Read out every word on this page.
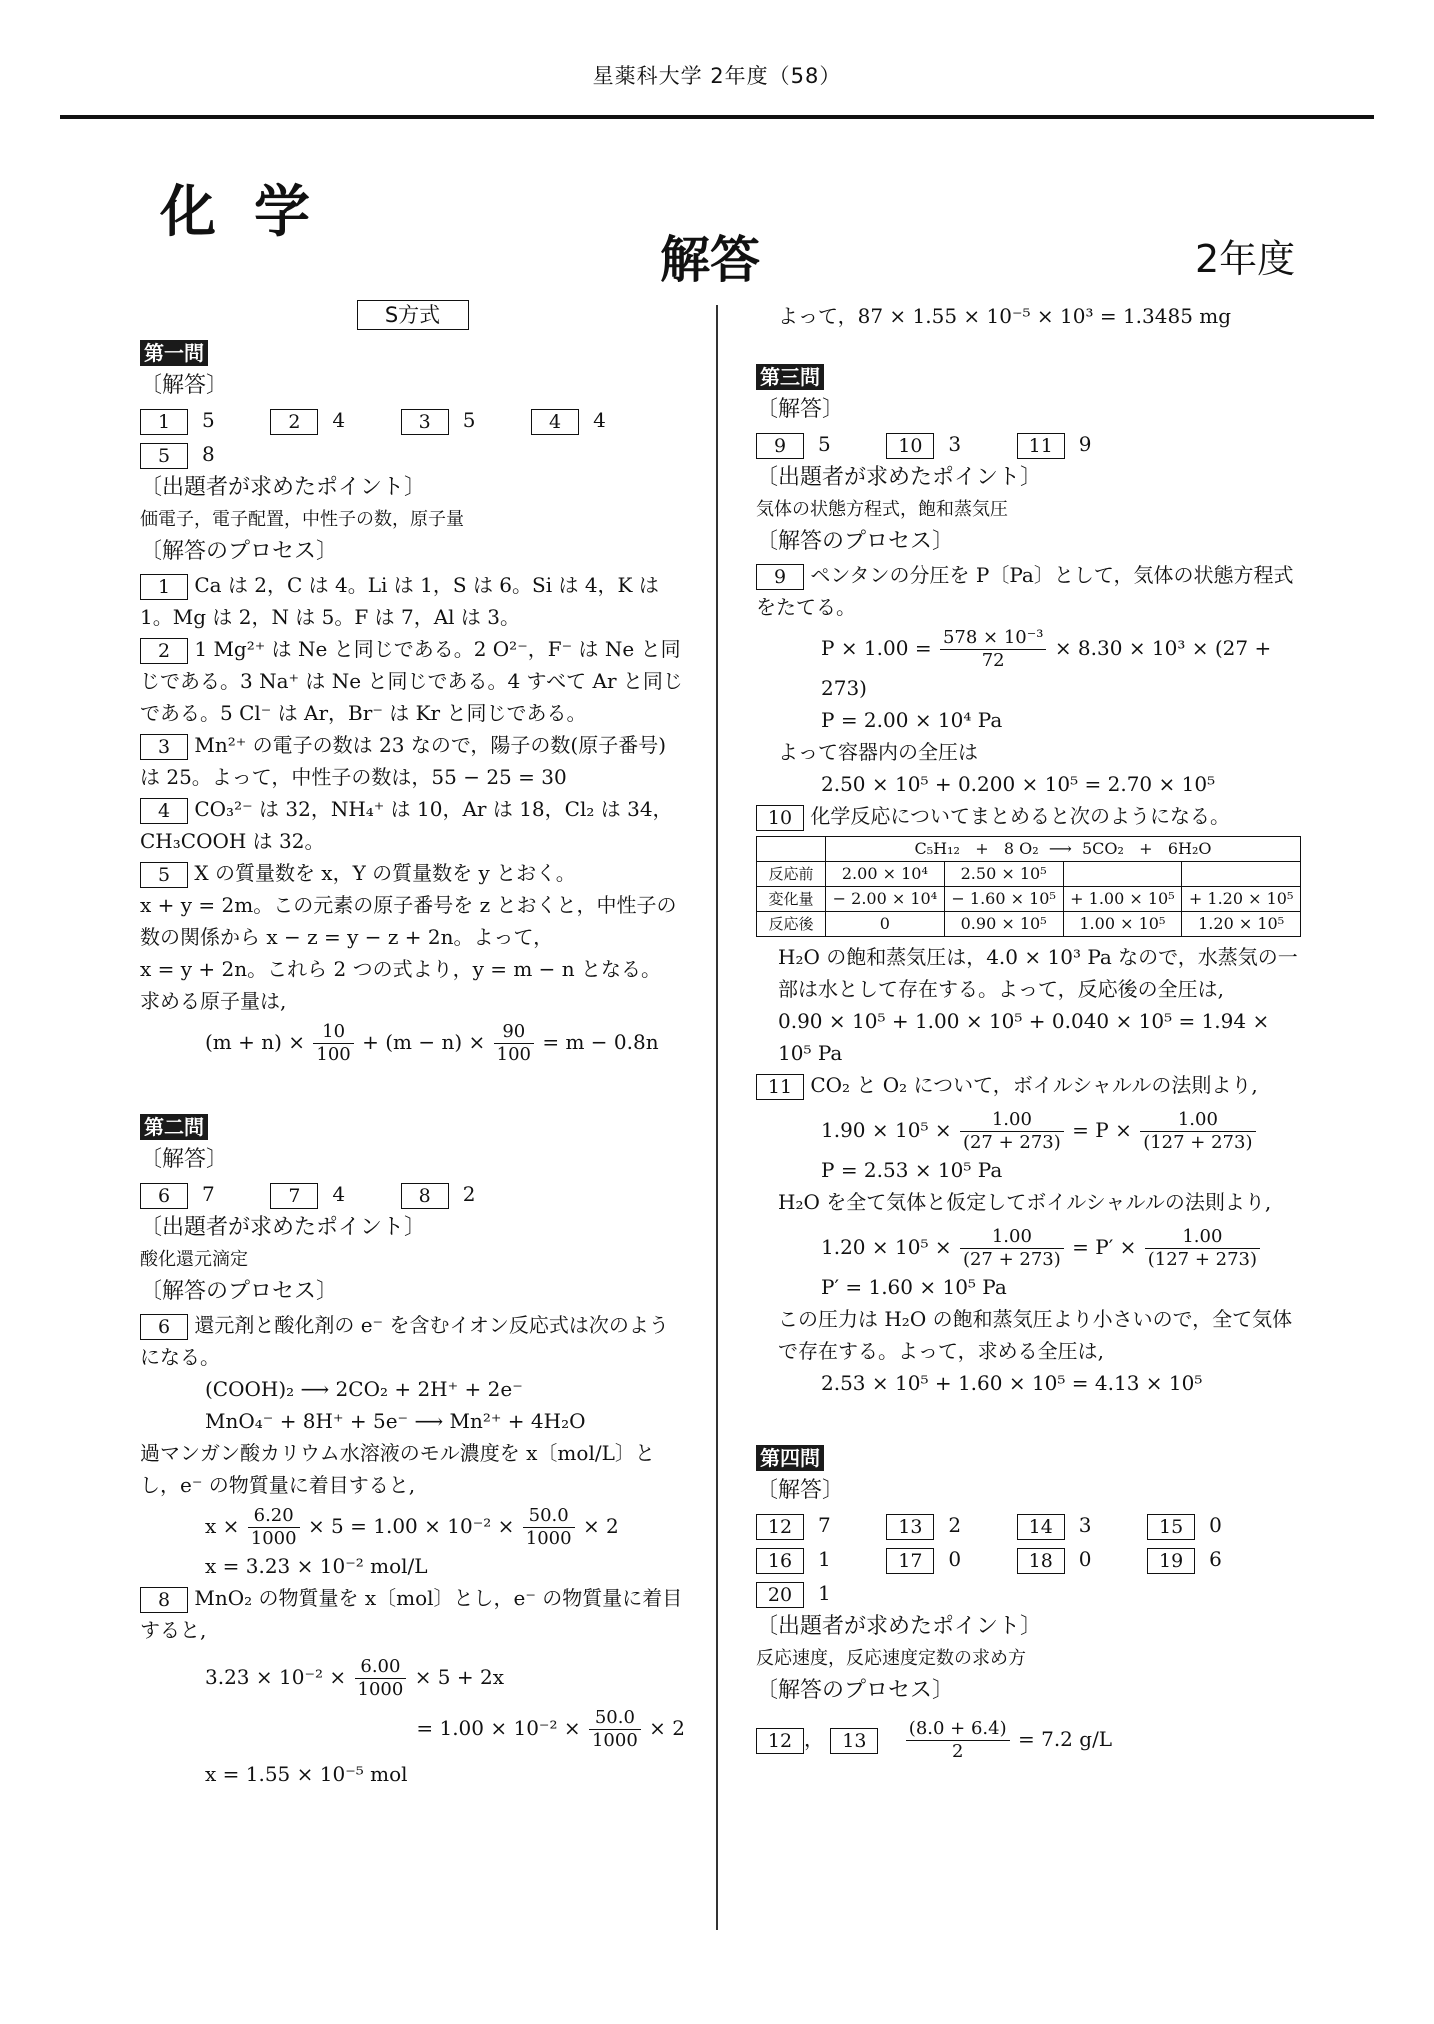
星薬科大学 2年度（58）
化学
解答	2年度
S方式
第一問
〔解答〕
1 5	2 4	3 5	4 4
5 8
〔出題者が求めたポイント〕
価電子，電子配置，中性子の数，原子量
〔解答のプロセス〕
1 Ca は 2，C は 4。Li は 1，S は 6。Si は 4，K は 1。Mg は 2，N は 5。F は 7，Al は 3。
2 1 Mg²⁺ は Ne と同じである。2 O²⁻，F⁻ は Ne と同じである。3 Na⁺ は Ne と同じである。4 すべて Ar と同じである。5 Cl⁻ は Ar，Br⁻ は Kr と同じである。
3 Mn²⁺ の電子の数は 23 なので，陽子の数(原子番号)は 25。よって，中性子の数は，55 − 25 = 30
4 CO₃²⁻ は 32，NH₄⁺ は 10，Ar は 18，Cl₂ は 34，CH₃COOH は 32。
5 X の質量数を x，Y の質量数を y とおく。
x + y = 2m。この元素の原子番号を z とおくと，中性子の数の関係から x − z = y − z + 2n。よって，
x = y + 2n。これら 2 つの式より，y = m − n となる。
求める原子量は,
$(m + n) \times \frac{10}{100} + (m - n) \times \frac{90}{100} = m - 0.8n$
第二問
〔解答〕
6 7	7 4	8 2
〔出題者が求めたポイント〕
酸化還元滴定
〔解答のプロセス〕
6 還元剤と酸化剤の e⁻ を含むイオン反応式は次のようになる。
(COOH)₂ ⟶ 2CO₂ + 2H⁺ + 2e⁻
MnO₄⁻ + 8H⁺ + 5e⁻ ⟶ Mn²⁺ + 4H₂O
過マンガン酸カリウム水溶液のモル濃度を x〔mol/L〕とし，e⁻ の物質量に着目すると,
$x \times \frac{6.20}{1000} \times 5 = 1.00 \times 10^{-2} \times \frac{50.0}{1000} \times 2$
x = 3.23 × 10⁻² mol/L
8 MnO₂ の物質量を x〔mol〕とし，e⁻ の物質量に着目すると,
$3.23 \times 10^{-2} \times \frac{6.00}{1000} \times 5 + 2x$
= $1.00 \times 10^{-2} \times \frac{50.0}{1000} \times 2$
x = 1.55 × 10⁻⁵ mol
よって，87 × 1.55 × 10⁻⁵ × 10³ = 1.3485 mg
第三問
〔解答〕
9 5	10 3	11 9
〔出題者が求めたポイント〕
気体の状態方程式，飽和蒸気圧
〔解答のプロセス〕
9 ペンタンの分圧を P〔Pa〕として，気体の状態方程式をたてる。
$P \times 1.00 = \frac{\text{578 × 10⁻³}}{72} \times 8.30 \times 10^3 \times (27 + 273)$
P = 2.00 × 10⁴ Pa
よって容器内の全圧は
2.50 × 10⁵ + 0.200 × 10⁵ = 2.70 × 10⁵
10 化学反応についてまとめると次のようになる。
	C₅H₁₂ + 8 O₂ ⟶ 5CO₂ + 6H₂O			
反応前	2.00 × 10⁴	2.50 × 10⁵		
変化量	− 2.00 × 10⁴	− 1.60 × 10⁵	+ 1.00 × 10⁵	+ 1.20 × 10⁵
反応後	0	0.90 × 10⁵	1.00 × 10⁵	1.20 × 10⁵
H₂O の飽和蒸気圧は，4.0 × 10³ Pa なので，水蒸気の一部は水として存在する。よって，反応後の全圧は,
0.90 × 10⁵ + 1.00 × 10⁵ + 0.040 × 10⁵ = 1.94 × 10⁵ Pa
11 CO₂ と O₂ について，ボイルシャルルの法則より,
$1.90 \times 10^5 \times \frac{1.00}{(27 + 273)} = P \times \frac{1.00}{(127 + 273)}$
P = 2.53 × 10⁵ Pa
H₂O を全て気体と仮定してボイルシャルルの法則より,
$1.20 \times 10^5 \times \frac{1.00}{(27 + 273)} = P' \times \frac{1.00}{(127 + 273)}$
P′ = 1.60 × 10⁵ Pa
この圧力は H₂O の飽和蒸気圧より小さいので，全て気体で存在する。よって，求める全圧は,
2.53 × 10⁵ + 1.60 × 10⁵ = 4.13 × 10⁵
第四問
〔解答〕
12 7	13 2	14 3	15 0
16 1	17 0	18 0	19 6
20 1
〔出題者が求めたポイント〕
反応速度，反応速度定数の求め方
〔解答のプロセス〕
12 ， $13 \frac{(8.0 + 6.4)}{2} = 7.2$ g/L
